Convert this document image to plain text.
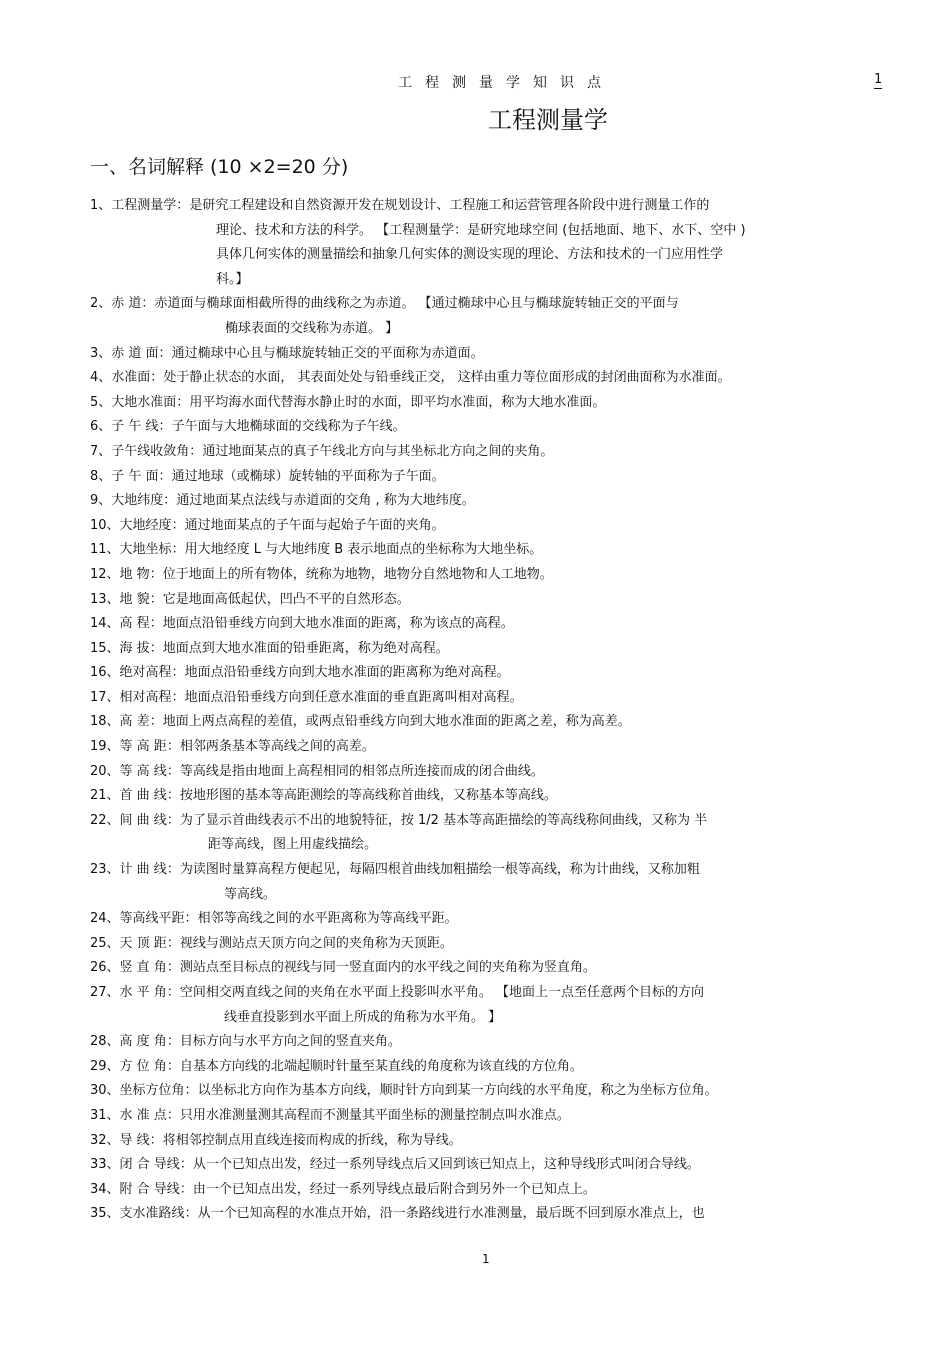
工程测量学知识点	1
工程测量学
一、名词解释 (10 ×2=20 分)
1、工程测量学：是研究工程建设和自然资源开发在规划设计、工程施工和运营管理各阶段中进行测量工作的
理论、技术和方法的科学。 【工程测量学：是研究地球空间 (包括地面、地下、水下、空中 )
具体几何实体的测量描绘和抽象几何实体的测设实现的理论、方法和技术的一门应用性学
科。】
2、赤 道：赤道面与椭球面相截所得的曲线称之为赤道。 【通过椭球中心且与椭球旋转轴正交的平面与
椭球表面的交线称为赤道。 】
3、赤 道 面：通过椭球中心且与椭球旋转轴正交的平面称为赤道面。
4、水准面：处于静止状态的水面， 其表面处处与铅垂线正交， 这样由重力等位面形成的封闭曲面称为水准面。
5、大地水准面：用平均海水面代替海水静止时的水面，即平均水准面，称为大地水准面。
6、子 午 线：子午面与大地椭球面的交线称为子午线。
7、子午线收敛角：通过地面某点的真子午线北方向与其坐标北方向之间的夹角。
8、子 午 面：通过地球（或椭球）旋转轴的平面称为子午面。
9、大地纬度：通过地面某点法线与赤道面的交角 , 称为大地纬度。
10、大地经度：通过地面某点的子午面与起始子午面的夹角。
11、大地坐标：用大地经度 L 与大地纬度 B 表示地面点的坐标称为大地坐标。
12、地 物：位于地面上的所有物体，统称为地物，地物分自然地物和人工地物。
13、地 貌：它是地面高低起伏，凹凸不平的自然形态。
14、高 程：地面点沿铅垂线方向到大地水准面的距离，称为该点的高程。
15、海 拔：地面点到大地水准面的铅垂距离，称为绝对高程。
16、绝对高程：地面点沿铅垂线方向到大地水准面的距离称为绝对高程。
17、相对高程：地面点沿铅垂线方向到任意水准面的垂直距离叫相对高程。
18、高 差：地面上两点高程的差值，或两点铅垂线方向到大地水准面的距离之差，称为高差。
19、等 高 距：相邻两条基本等高线之间的高差。
20、等 高 线：等高线是指由地面上高程相同的相邻点所连接而成的闭合曲线。
21、首 曲 线：按地形图的基本等高距测绘的等高线称首曲线，又称基本等高线。
22、间 曲 线：为了显示首曲线表示不出的地貌特征，按 1/2 基本等高距描绘的等高线称间曲线，又称为 半
距等高线，图上用虚线描绘。
23、计 曲 线：为读图时量算高程方便起见，每隔四根首曲线加粗描绘一根等高线，称为计曲线，又称加粗
等高线。
24、等高线平距：相邻等高线之间的水平距离称为等高线平距。
25、天 顶 距：视线与测站点天顶方向之间的夹角称为天顶距。
26、竖 直 角：测站点至目标点的视线与同一竖直面内的水平线之间的夹角称为竖直角。
27、水 平 角：空间相交两直线之间的夹角在水平面上投影叫水平角。 【地面上一点至任意两个目标的方向
线垂直投影到水平面上所成的角称为水平角。 】
28、高 度 角：目标方向与水平方向之间的竖直夹角。
29、方 位 角：自基本方向线的北端起顺时针量至某直线的角度称为该直线的方位角。
30、坐标方位角：以坐标北方向作为基本方向线，顺时针方向到某一方向线的水平角度，称之为坐标方位角。
31、水 准 点：只用水准测量测其高程而不测量其平面坐标的测量控制点叫水准点。
32、导 线：将相邻控制点用直线连接而构成的折线，称为导线。
33、闭 合 导线：从一个已知点出发，经过一系列导线点后又回到该已知点上，这种导线形式叫闭合导线。
34、附 合 导线：由一个已知点出发，经过一系列导线点最后附合到另外一个已知点上。
35、支水准路线：从一个已知高程的水准点开始，沿一条路线进行水准测量，最后既不回到原水准点上，也
1
